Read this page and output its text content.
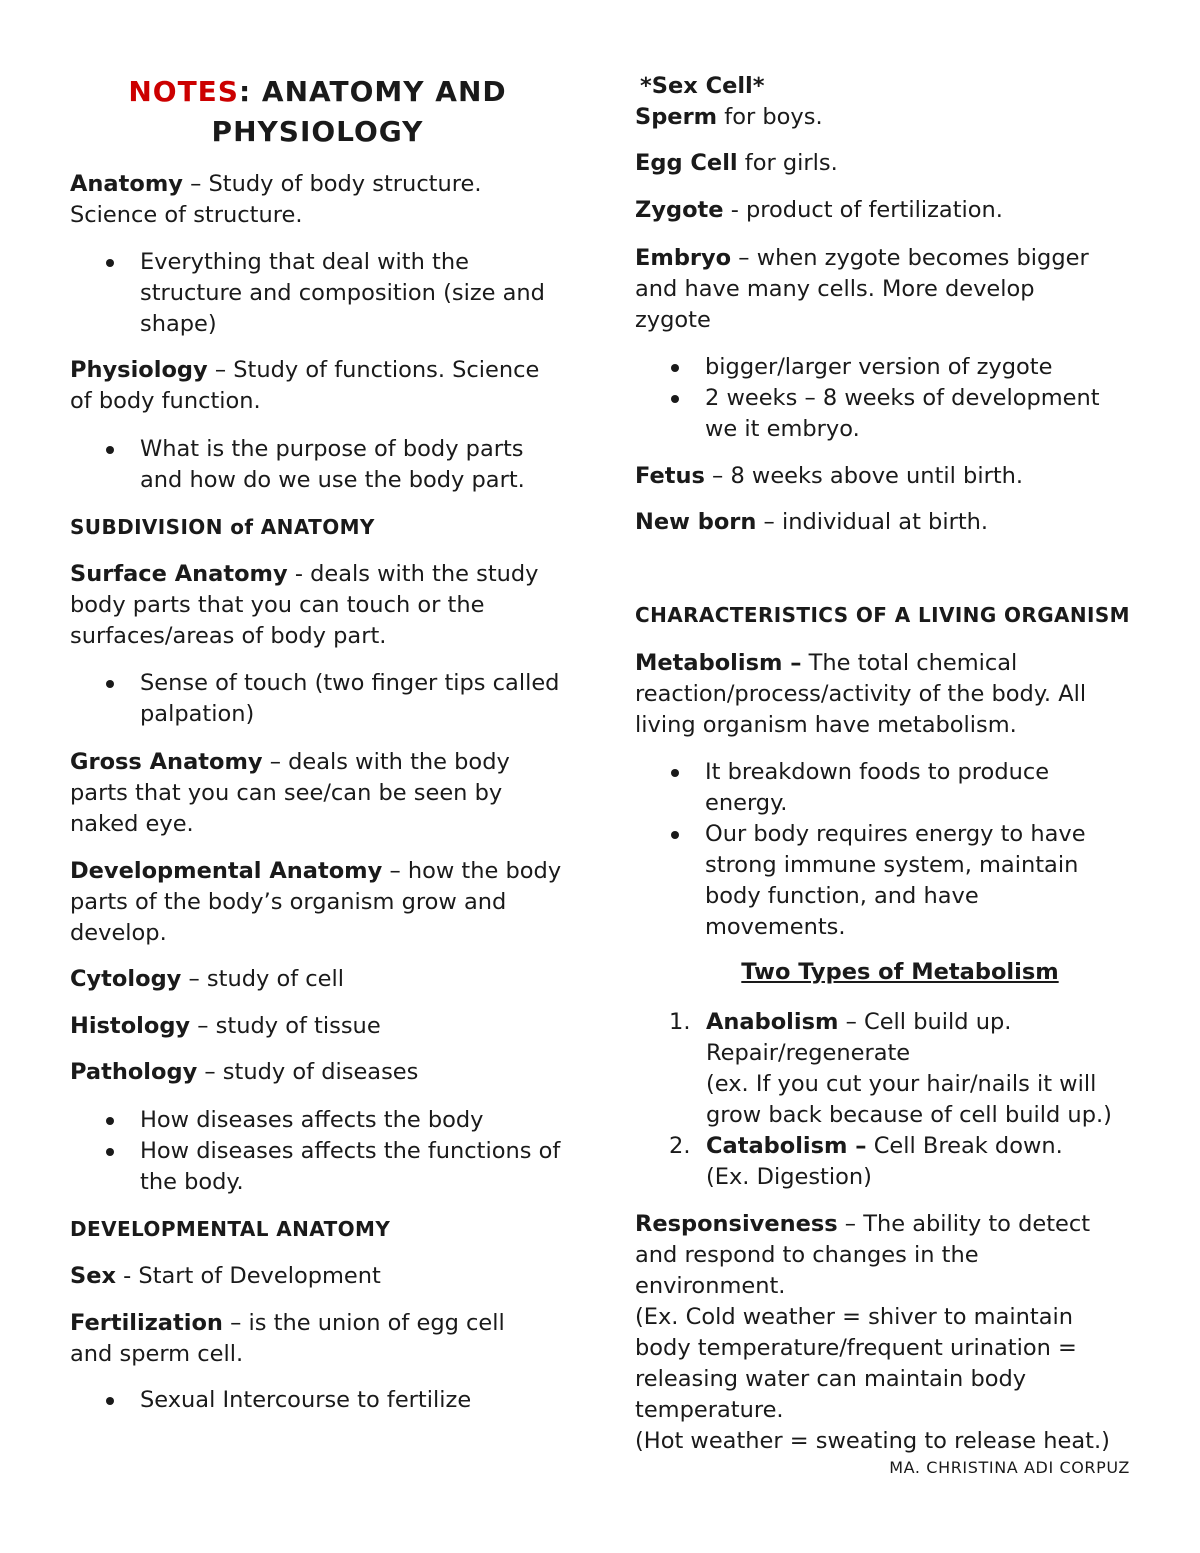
NOTES: ANATOMY AND
PHYSIOLOGY

Anatomy – Study of body structure.
Science of structure.

Everything that deal with the structure and composition (size and shape)

Physiology – Study of functions. Science of body function.

What is the purpose of body parts and how do we use the body part.

SUBDIVISION of ANATOMY

Surface Anatomy - deals with the study body parts that you can touch or the surfaces/areas of body part.

Sense of touch (two finger tips called palpation)

Gross Anatomy – deals with the body parts that you can see/can be seen by naked eye.

Developmental Anatomy – how the body parts of the body’s organism grow and develop.

Cytology – study of cell

Histology – study of tissue

Pathology – study of diseases

How diseases affects the body
How diseases affects the functions of the body.

DEVELOPMENTAL ANATOMY

Sex - Start of Development

Fertilization – is the union of egg cell and sperm cell.

Sexual Intercourse to fertilize

*Sex Cell*

Sperm for boys.

Egg Cell for girls.

Zygote - product of fertilization.

Embryo – when zygote becomes bigger and have many cells. More develop zygote

bigger/larger version of zygote
2 weeks – 8 weeks of development we it embryo.

Fetus – 8 weeks above until birth.

New born – individual at birth.

CHARACTERISTICS OF A LIVING ORGANISM

Metabolism – The total chemical reaction/process/activity of the body. All living organism have metabolism.

It breakdown foods to produce energy.
Our body requires energy to have strong immune system, maintain body function, and have movements.
Two Types of Metabolism
1. Anabolism – Cell build up.
Repair/regenerate
(ex. If you cut your hair/nails it will grow back because of cell build up.)
2. Catabolism – Cell Break down.
(Ex. Digestion)

Responsiveness – The ability to detect and respond to changes in the environment.
(Ex. Cold weather = shiver to maintain body temperature/frequent urination = releasing water can maintain body temperature.
(Hot weather = sweating to release heat.)

MA. CHRISTINA ADI CORPUZ
